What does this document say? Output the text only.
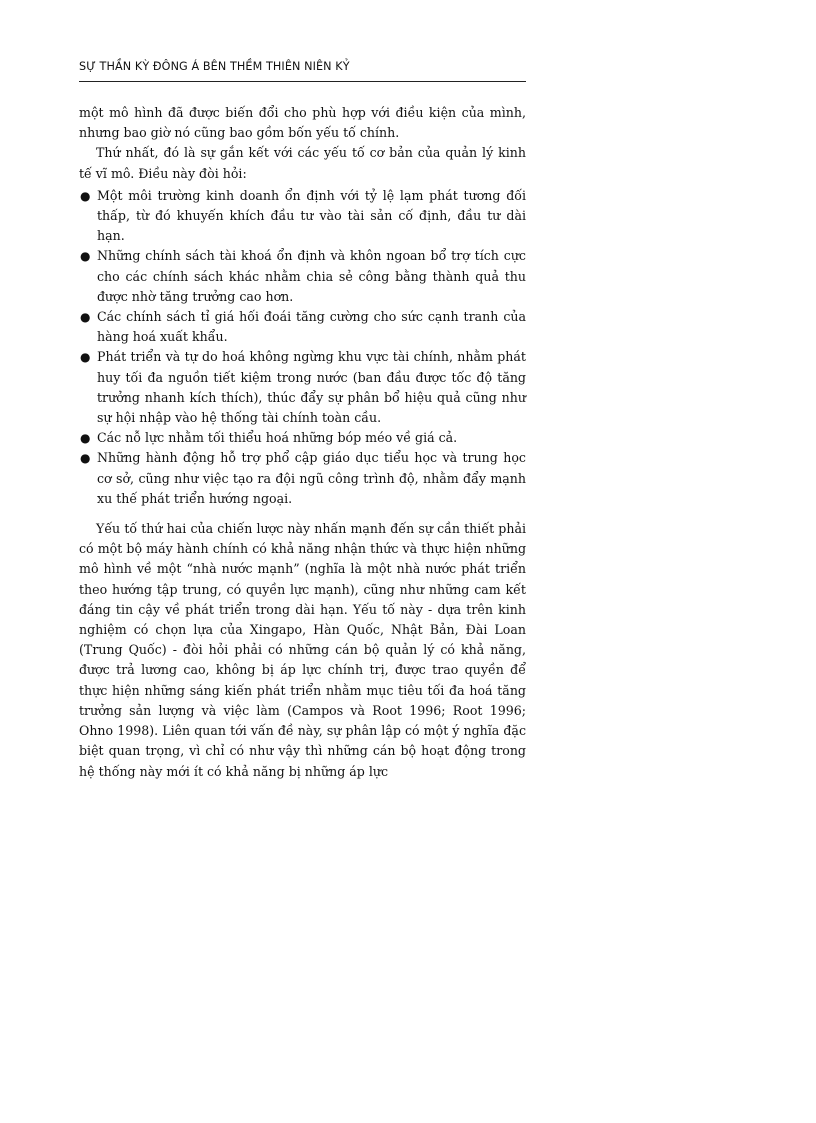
SỰ THẦN KỲ ĐÔNG Á BÊN THỀM THIÊN NIÊN KỶ

một mô hình đã được biến đổi cho phù hợp với điều kiện của mình, nhưng bao giờ nó cũng bao gồm bốn yếu tố chính.

Thứ nhất, đó là sự gắn kết với các yếu tố cơ bản của quản lý kinh tế vĩ mô. Điều này đòi hỏi:

● Một môi trường kinh doanh ổn định với tỷ lệ lạm phát tương đối thấp, từ đó khuyến khích đầu tư vào tài sản cố định, đầu tư dài hạn.
● Những chính sách tài khoá ổn định và khôn ngoan bổ trợ tích cực cho các chính sách khác nhằm chia sẻ công bằng thành quả thu được nhờ tăng trưởng cao hơn.
● Các chính sách tỉ giá hối đoái tăng cường cho sức cạnh tranh của hàng hoá xuất khẩu.
● Phát triển và tự do hoá không ngừng khu vực tài chính, nhằm phát huy tối đa nguồn tiết kiệm trong nước (ban đầu được tốc độ tăng trưởng nhanh kích thích), thúc đẩy sự phân bổ hiệu quả cũng như sự hội nhập vào hệ thống tài chính toàn cầu.
● Các nỗ lực nhằm tối thiểu hoá những bóp méo về giá cả.
● Những hành động hỗ trợ phổ cập giáo dục tiểu học và trung học cơ sở, cũng như việc tạo ra đội ngũ công trình độ, nhằm đẩy mạnh xu thế phát triển hướng ngoại.

Yếu tố thứ hai của chiến lược này nhấn mạnh đến sự cần thiết phải có một bộ máy hành chính có khả năng nhận thức và thực hiện những mô hình về một “nhà nước mạnh” (nghĩa là một nhà nước phát triển theo hướng tập trung, có quyền lực mạnh), cũng như những cam kết đáng tin cậy về phát triển trong dài hạn. Yếu tố này - dựa trên kinh nghiệm có chọn lựa của Xingapo, Hàn Quốc, Nhật Bản, Đài Loan (Trung Quốc) - đòi hỏi phải có những cán bộ quản lý có khả năng, được trả lương cao, không bị áp lực chính trị, được trao quyền để thực hiện những sáng kiến phát triển nhằm mục tiêu tối đa hoá tăng trưởng sản lượng và việc làm (Campos và Root 1996; Root 1996; Ohno 1998). Liên quan tới vấn đề này, sự phân lập có một ý nghĩa đặc biệt quan trọng, vì chỉ có như vậy thì những cán bộ hoạt động trong hệ thống này mới ít có khả năng bị những áp lực
